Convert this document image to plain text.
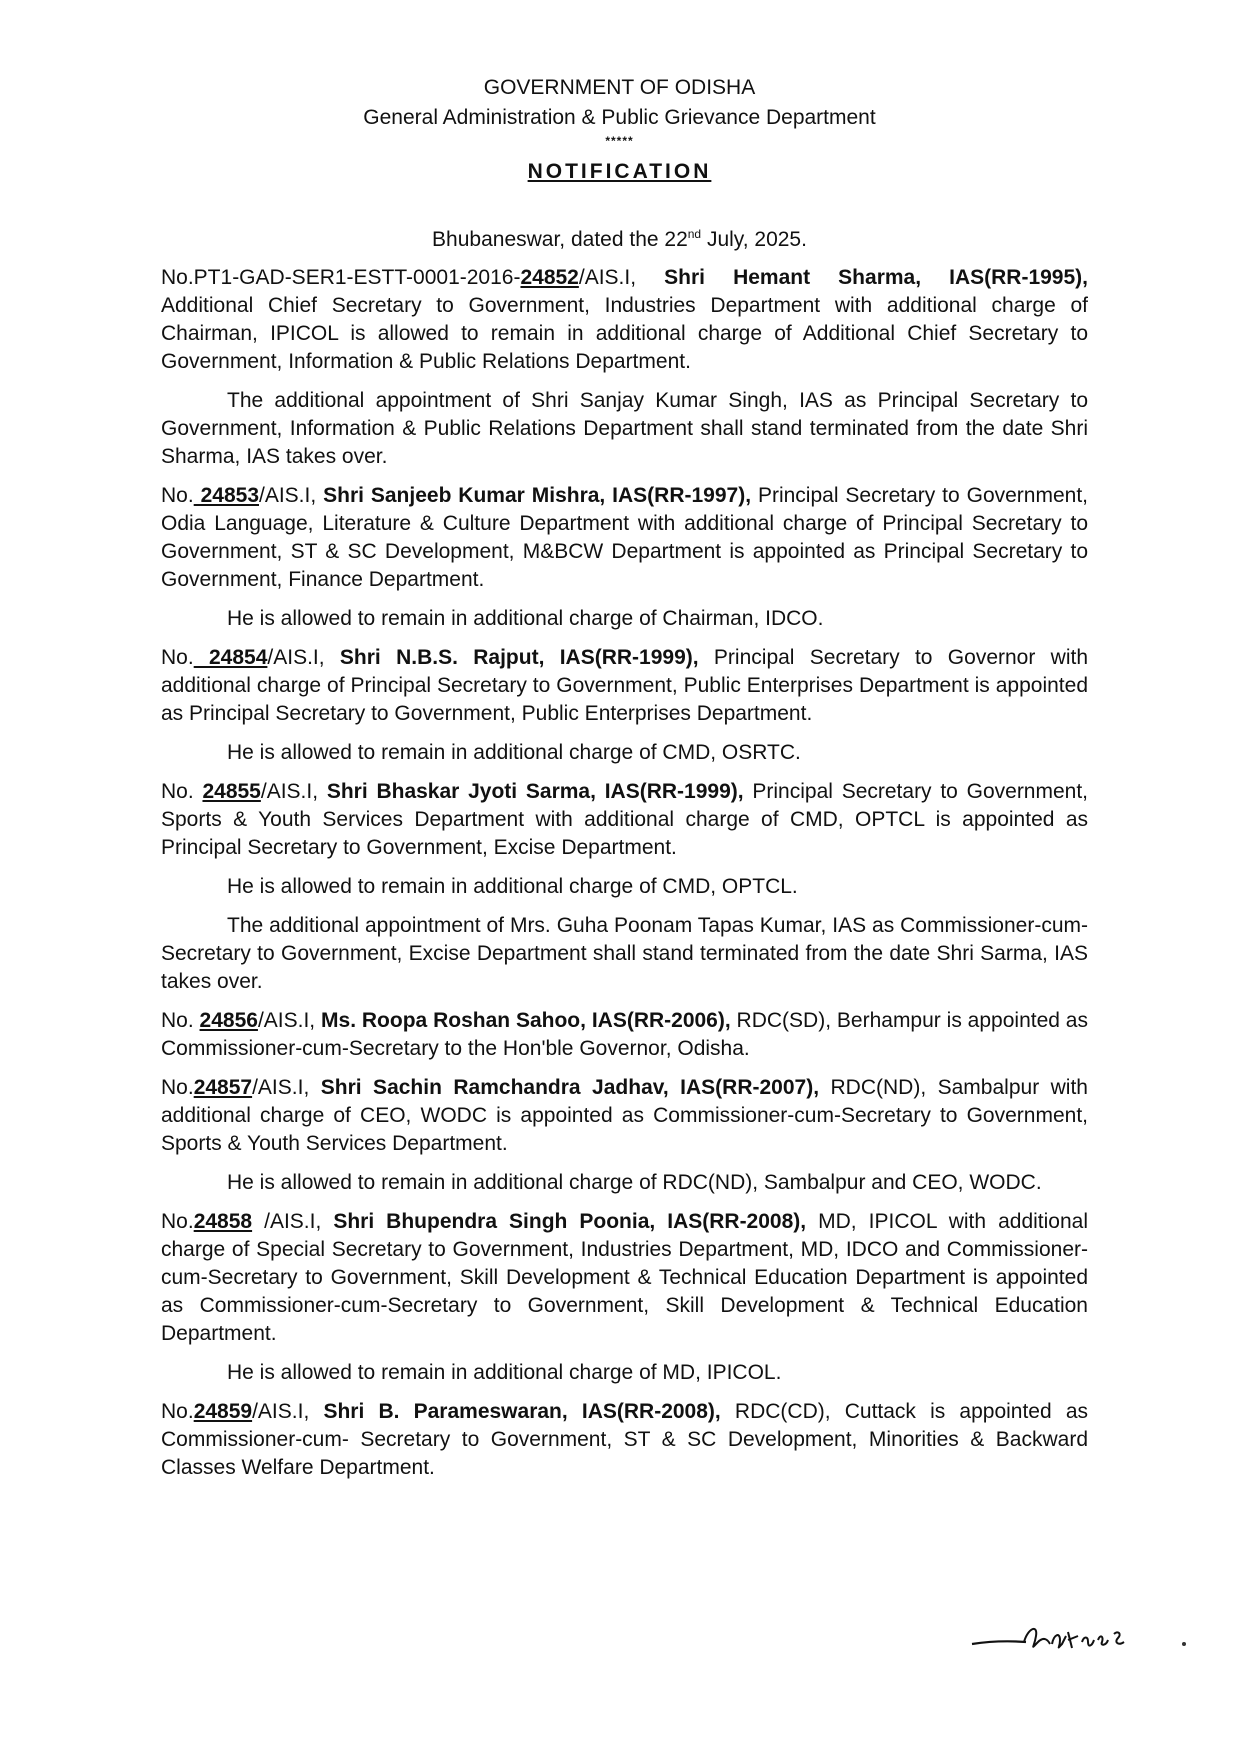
GOVERNMENT OF ODISHA
General Administration & Public Grievance Department
*****
NOTIFICATION
Bhubaneswar, dated the 22nd July, 2025.

No.PT1-GAD-SER1-ESTT-0001-2016-24852/AIS.I, Shri Hemant Sharma, IAS(RR-1995), Additional Chief Secretary to Government, Industries Department with additional charge of Chairman, IPICOL is allowed to remain in additional charge of Additional Chief Secretary to Government, Information & Public Relations Department.

The additional appointment of Shri Sanjay Kumar Singh, IAS as Principal Secretary to Government, Information & Public Relations Department shall stand terminated from the date Shri Sharma, IAS takes over.

No. 24853/AIS.I, Shri Sanjeeb Kumar Mishra, IAS(RR-1997), Principal Secretary to Government, Odia Language, Literature & Culture Department with additional charge of Principal Secretary to Government, ST & SC Development, M&BCW Department is appointed as Principal Secretary to Government, Finance Department.

He is allowed to remain in additional charge of Chairman, IDCO.

No. 24854/AIS.I, Shri N.B.S. Rajput, IAS(RR-1999), Principal Secretary to Governor with additional charge of Principal Secretary to Government, Public Enterprises Department is appointed as Principal Secretary to Government, Public Enterprises Department.

He is allowed to remain in additional charge of CMD, OSRTC.

No. 24855/AIS.I, Shri Bhaskar Jyoti Sarma, IAS(RR-1999), Principal Secretary to Government, Sports & Youth Services Department with additional charge of CMD, OPTCL is appointed as Principal Secretary to Government, Excise Department.

He is allowed to remain in additional charge of CMD, OPTCL.

The additional appointment of Mrs. Guha Poonam Tapas Kumar, IAS as Commissioner-cum-Secretary to Government, Excise Department shall stand terminated from the date Shri Sarma, IAS takes over.

No. 24856/AIS.I, Ms. Roopa Roshan Sahoo, IAS(RR-2006), RDC(SD), Berhampur is appointed as Commissioner-cum-Secretary to the Hon'ble Governor, Odisha.

No.24857/AIS.I, Shri Sachin Ramchandra Jadhav, IAS(RR-2007), RDC(ND), Sambalpur with additional charge of CEO, WODC is appointed as Commissioner-cum-Secretary to Government, Sports & Youth Services Department.

He is allowed to remain in additional charge of RDC(ND), Sambalpur and CEO, WODC.

No.24858 /AIS.I, Shri Bhupendra Singh Poonia, IAS(RR-2008), MD, IPICOL with additional charge of Special Secretary to Government, Industries Department, MD, IDCO and Commissioner-cum-Secretary to Government, Skill Development & Technical Education Department is appointed as Commissioner-cum-Secretary to Government, Skill Development & Technical Education Department.

He is allowed to remain in additional charge of MD, IPICOL.

No.24859/AIS.I, Shri B. Parameswaran, IAS(RR-2008), RDC(CD), Cuttack is appointed as Commissioner-cum- Secretary to Government, ST & SC Development, Minorities & Backward Classes Welfare Department.
